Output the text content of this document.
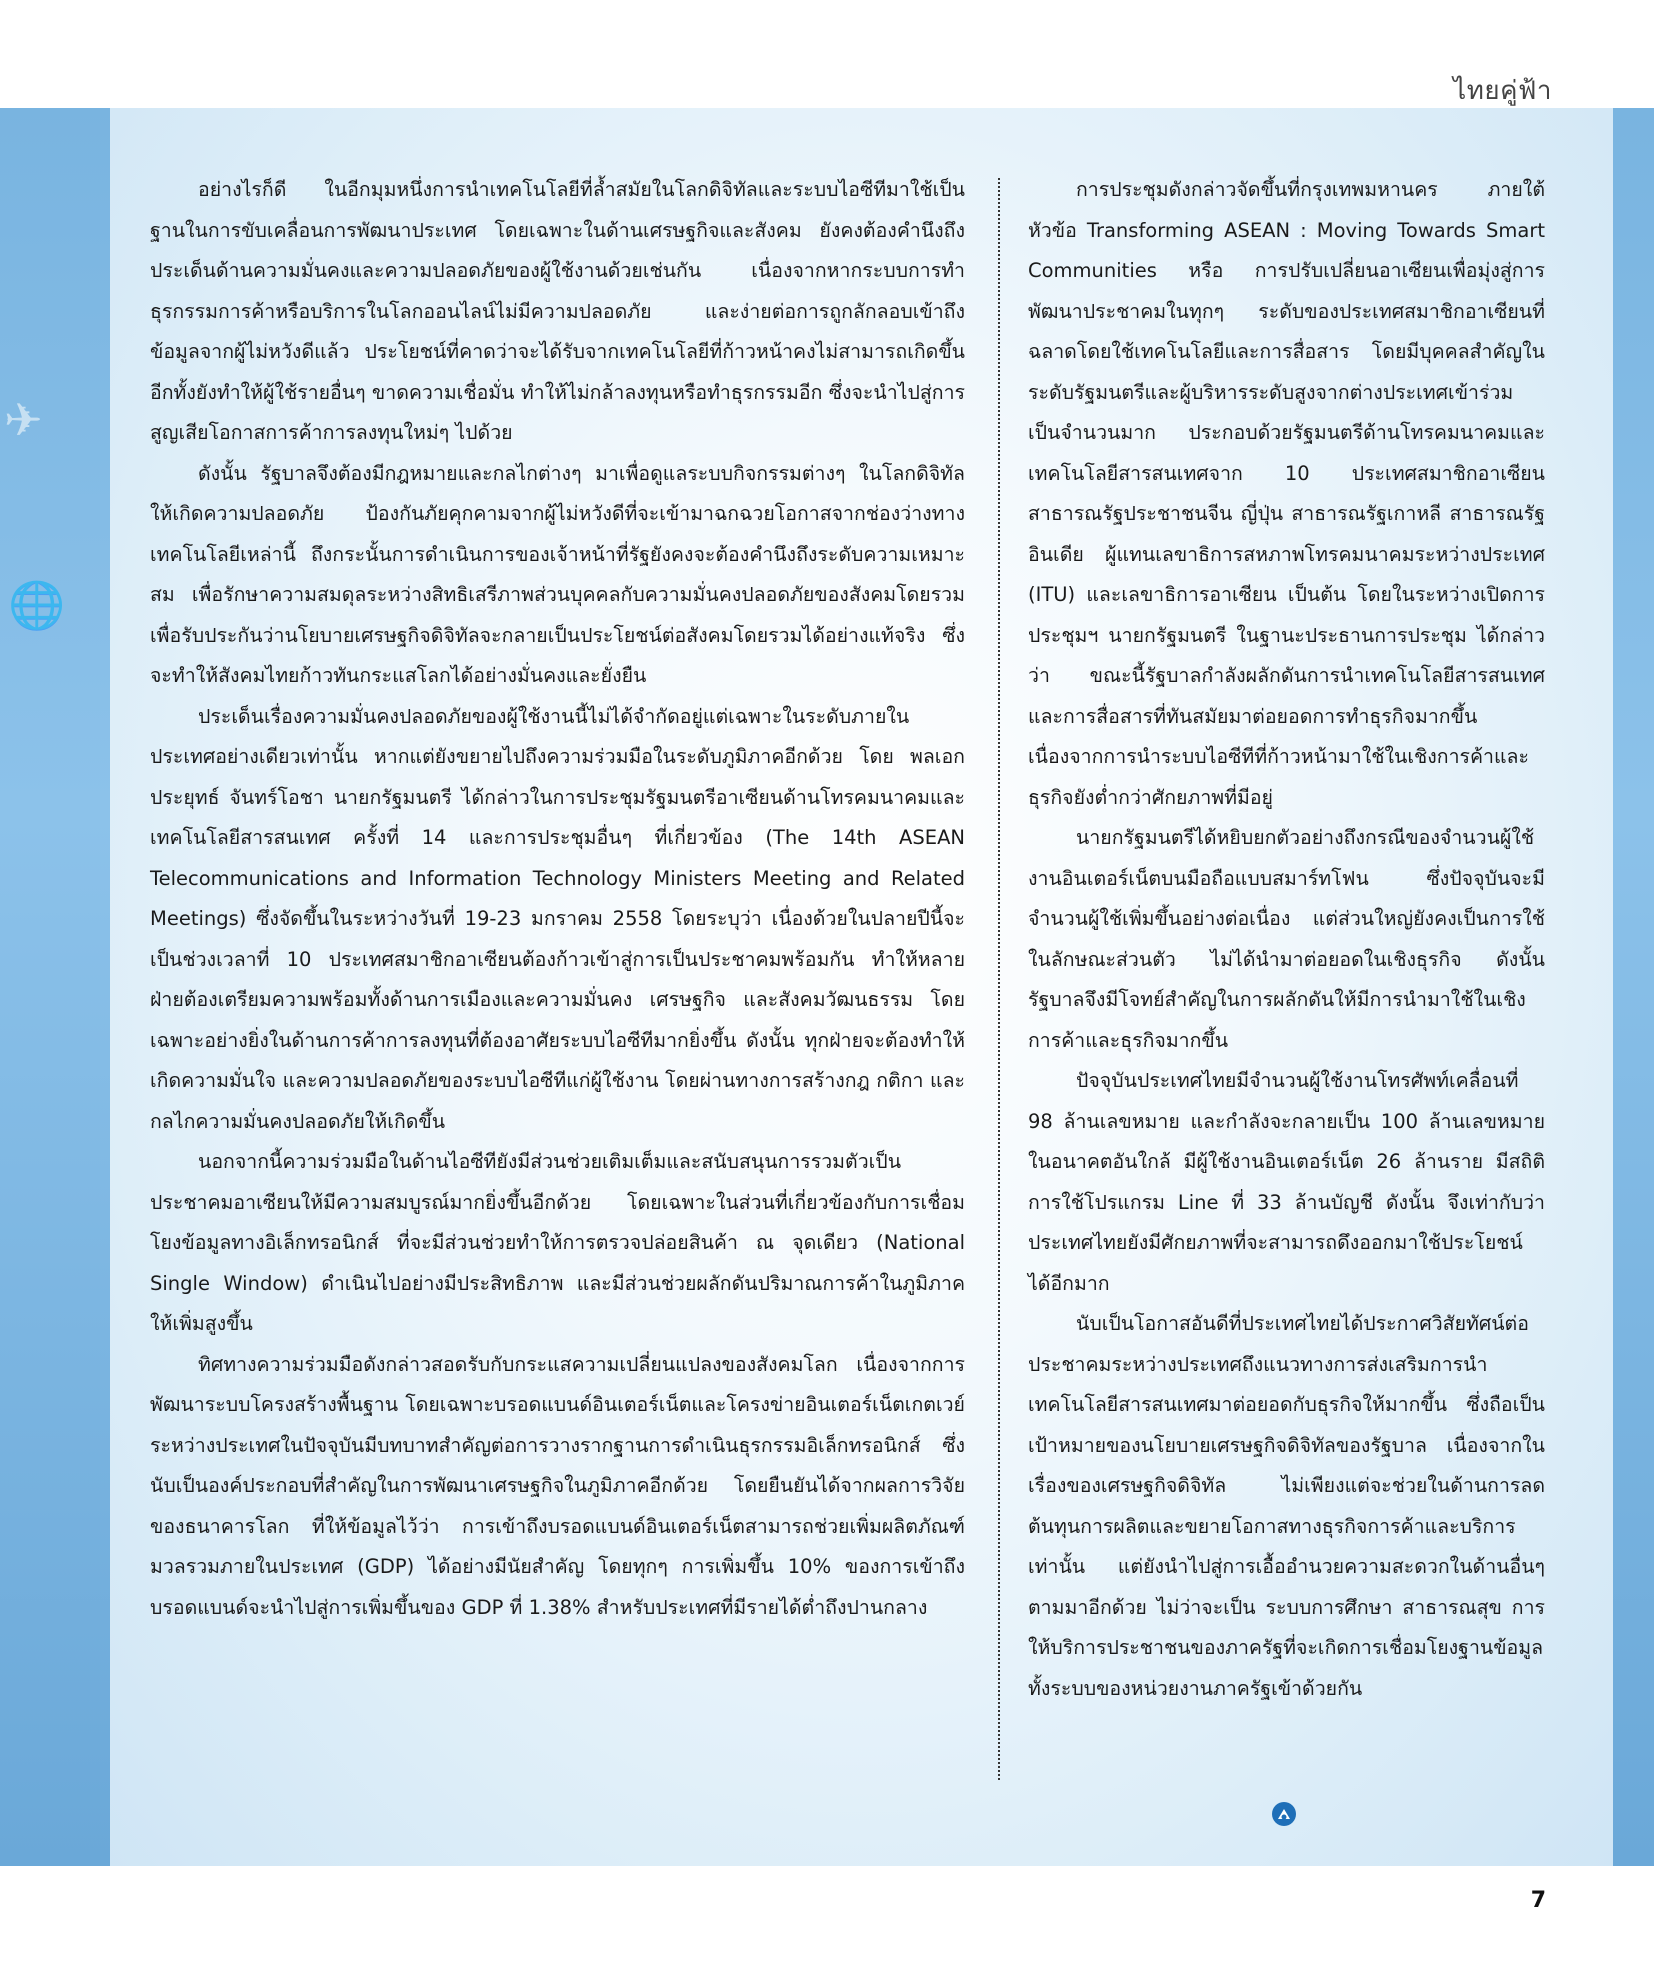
ไทยคู่ฟ้า
✈
🌐

อย่างไรก็ดี ในอีกมุมหนึ่งการนำเทคโนโลยีที่ล้ำสมัยในโลกดิจิทัลและระบบไอซีทีมาใช้เป็นฐานในการขับเคลื่อนการพัฒนาประเทศ โดยเฉพาะในด้านเศรษฐกิจและสังคม ยังคงต้องคำนึงถึงประเด็นด้านความมั่นคงและความปลอดภัยของผู้ใช้งานด้วยเช่นกัน เนื่องจากหากระบบการทำธุรกรรมการค้าหรือบริการในโลกออนไลน์ไม่มีความปลอดภัย และง่ายต่อการถูกลักลอบเข้าถึงข้อมูลจากผู้ไม่หวังดีแล้ว ประโยชน์ที่คาดว่าจะได้รับจากเทคโนโลยีที่ก้าวหน้าคงไม่สามารถเกิดขึ้น อีกทั้งยังทำให้ผู้ใช้รายอื่นๆ ขาดความเชื่อมั่น ทำให้ไม่กล้าลงทุนหรือทำธุรกรรมอีก ซึ่งจะนำไปสู่การสูญเสียโอกาสการค้าการลงทุนใหม่ๆ ไปด้วย

ดังนั้น รัฐบาลจึงต้องมีกฎหมายและกลไกต่างๆ มาเพื่อดูแลระบบกิจกรรมต่างๆ ในโลกดิจิทัลให้เกิดความปลอดภัย ป้องกันภัยคุกคามจากผู้ไม่หวังดีที่จะเข้ามาฉกฉวยโอกาสจากช่องว่างทางเทคโนโลยีเหล่านี้ ถึงกระนั้นการดำเนินการของเจ้าหน้าที่รัฐยังคงจะต้องคำนึงถึงระดับความเหมาะสม เพื่อรักษาความสมดุลระหว่างสิทธิเสรีภาพส่วนบุคคลกับความมั่นคงปลอดภัยของสังคมโดยรวม เพื่อรับประกันว่านโยบายเศรษฐกิจดิจิทัลจะกลายเป็นประโยชน์ต่อสังคมโดยรวมได้อย่างแท้จริง ซึ่งจะทำให้สังคมไทยก้าวทันกระแสโลกได้อย่างมั่นคงและยั่งยืน

ประเด็นเรื่องความมั่นคงปลอดภัยของผู้ใช้งานนี้ไม่ได้จำกัดอยู่แต่เฉพาะในระดับภายในประเทศอย่างเดียวเท่านั้น หากแต่ยังขยายไปถึงความร่วมมือในระดับภูมิภาคอีกด้วย โดย พลเอก ประยุทธ์ จันทร์โอชา นายกรัฐมนตรี ได้กล่าวในการประชุมรัฐมนตรีอาเซียนด้านโทรคมนาคมและเทคโนโลยีสารสนเทศ ครั้งที่ 14 และการประชุมอื่นๆ ที่เกี่ยวข้อง (The 14th ASEAN Telecommunications and Information Technology Ministers Meeting and Related Meetings) ซึ่งจัดขึ้นในระหว่างวันที่ 19-23 มกราคม 2558 โดยระบุว่า เนื่องด้วยในปลายปีนี้จะเป็นช่วงเวลาที่ 10 ประเทศสมาชิกอาเซียนต้องก้าวเข้าสู่การเป็นประชาคมพร้อมกัน ทำให้หลายฝ่ายต้องเตรียมความพร้อมทั้งด้านการเมืองและความมั่นคง เศรษฐกิจ และสังคมวัฒนธรรม โดยเฉพาะอย่างยิ่งในด้านการค้าการลงทุนที่ต้องอาศัยระบบไอซีทีมากยิ่งขึ้น ดังนั้น ทุกฝ่ายจะต้องทำให้เกิดความมั่นใจ และความปลอดภัยของระบบไอซีทีแก่ผู้ใช้งาน โดยผ่านทางการสร้างกฎ กติกา และกลไกความมั่นคงปลอดภัยให้เกิดขึ้น

นอกจากนี้ความร่วมมือในด้านไอซีทียังมีส่วนช่วยเติมเต็มและสนับสนุนการรวมตัวเป็นประชาคมอาเซียนให้มีความสมบูรณ์มากยิ่งขึ้นอีกด้วย โดยเฉพาะในส่วนที่เกี่ยวข้องกับการเชื่อมโยงข้อมูลทางอิเล็กทรอนิกส์ ที่จะมีส่วนช่วยทำให้การตรวจปล่อยสินค้า ณ จุดเดียว (National Single Window) ดำเนินไปอย่างมีประสิทธิภาพ และมีส่วนช่วยผลักดันปริมาณการค้าในภูมิภาคให้เพิ่มสูงขึ้น

ทิศทางความร่วมมือดังกล่าวสอดรับกับกระแสความเปลี่ยนแปลงของสังคมโลก เนื่องจากการพัฒนาระบบโครงสร้างพื้นฐาน โดยเฉพาะบรอดแบนด์อินเตอร์เน็ตและโครงข่ายอินเตอร์เน็ตเกตเวย์ระหว่างประเทศในปัจจุบันมีบทบาทสำคัญต่อการวางรากฐานการดำเนินธุรกรรมอิเล็กทรอนิกส์ ซึ่งนับเป็นองค์ประกอบที่สำคัญในการพัฒนาเศรษฐกิจในภูมิภาคอีกด้วย โดยยืนยันได้จากผลการวิจัยของธนาคารโลก ที่ให้ข้อมูลไว้ว่า การเข้าถึงบรอดแบนด์อินเตอร์เน็ตสามารถช่วยเพิ่มผลิตภัณฑ์มวลรวมภายในประเทศ (GDP) ได้อย่างมีนัยสำคัญ โดยทุกๆ การเพิ่มขึ้น 10% ของการเข้าถึงบรอดแบนด์จะนำไปสู่การเพิ่มขึ้นของ GDP ที่ 1.38% สำหรับประเทศที่มีรายได้ต่ำถึงปานกลาง

การประชุมดังกล่าวจัดขึ้นที่กรุงเทพมหานคร ภายใต้หัวข้อ Transforming ASEAN : Moving Towards Smart Communities หรือ การปรับเปลี่ยนอาเซียนเพื่อมุ่งสู่การพัฒนาประชาคมในทุกๆ ระดับของประเทศสมาชิกอาเซียนที่ฉลาดโดยใช้เทคโนโลยีและการสื่อสาร โดยมีบุคคลสำคัญในระดับรัฐมนตรีและผู้บริหารระดับสูงจากต่างประเทศเข้าร่วมเป็นจำนวนมาก ประกอบด้วยรัฐมนตรีด้านโทรคมนาคมและเทคโนโลยีสารสนเทศจาก 10 ประเทศสมาชิกอาเซียน สาธารณรัฐประชาชนจีน ญี่ปุ่น สาธารณรัฐเกาหลี สาธารณรัฐอินเดีย ผู้แทนเลขาธิการสหภาพโทรคมนาคมระหว่างประเทศ (ITU) และเลขาธิการอาเซียน เป็นต้น โดยในระหว่างเปิดการประชุมฯ นายกรัฐมนตรี ในฐานะประธานการประชุม ได้กล่าวว่า ขณะนี้รัฐบาลกำลังผลักดันการนำเทคโนโลยีสารสนเทศและการสื่อสารที่ทันสมัยมาต่อยอดการทำธุรกิจมากขึ้น เนื่องจากการนำระบบไอซีทีที่ก้าวหน้ามาใช้ในเชิงการค้าและธุรกิจยังต่ำกว่าศักยภาพที่มีอยู่

นายกรัฐมนตรีได้หยิบยกตัวอย่างถึงกรณีของจำนวนผู้ใช้งานอินเตอร์เน็ตบนมือถือแบบสมาร์ทโฟน ซึ่งปัจจุบันจะมีจำนวนผู้ใช้เพิ่มขึ้นอย่างต่อเนื่อง แต่ส่วนใหญ่ยังคงเป็นการใช้ในลักษณะส่วนตัว ไม่ได้นำมาต่อยอดในเชิงธุรกิจ ดังนั้น รัฐบาลจึงมีโจทย์สำคัญในการผลักดันให้มีการนำมาใช้ในเชิงการค้าและธุรกิจมากขึ้น

ปัจจุบันประเทศไทยมีจำนวนผู้ใช้งานโทรศัพท์เคลื่อนที่ 98 ล้านเลขหมาย และกำลังจะกลายเป็น 100 ล้านเลขหมายในอนาคตอันใกล้ มีผู้ใช้งานอินเตอร์เน็ต 26 ล้านราย มีสถิติการใช้โปรแกรม Line ที่ 33 ล้านบัญชี ดังนั้น จึงเท่ากับว่าประเทศไทยยังมีศักยภาพที่จะสามารถดึงออกมาใช้ประโยชน์ได้อีกมาก

นับเป็นโอกาสอันดีที่ประเทศไทยได้ประกาศวิสัยทัศน์ต่อประชาคมระหว่างประเทศถึงแนวทางการส่งเสริมการนำเทคโนโลยีสารสนเทศมาต่อยอดกับธุรกิจให้มากขึ้น ซึ่งถือเป็นเป้าหมายของนโยบายเศรษฐกิจดิจิทัลของรัฐบาล เนื่องจากในเรื่องของเศรษฐกิจดิจิทัล ไม่เพียงแต่จะช่วยในด้านการลดต้นทุนการผลิตและขยายโอกาสทางธุรกิจการค้าและบริการเท่านั้น แต่ยังนำไปสู่การเอื้ออำนวยความสะดวกในด้านอื่นๆ ตามมาอีกด้วย ไม่ว่าจะเป็น ระบบการศึกษา สาธารณสุข การให้บริการประชาชนของภาครัฐที่จะเกิดการเชื่อมโยงฐานข้อมูลทั้งระบบของหน่วยงานภาครัฐเข้าด้วยกัน

7
